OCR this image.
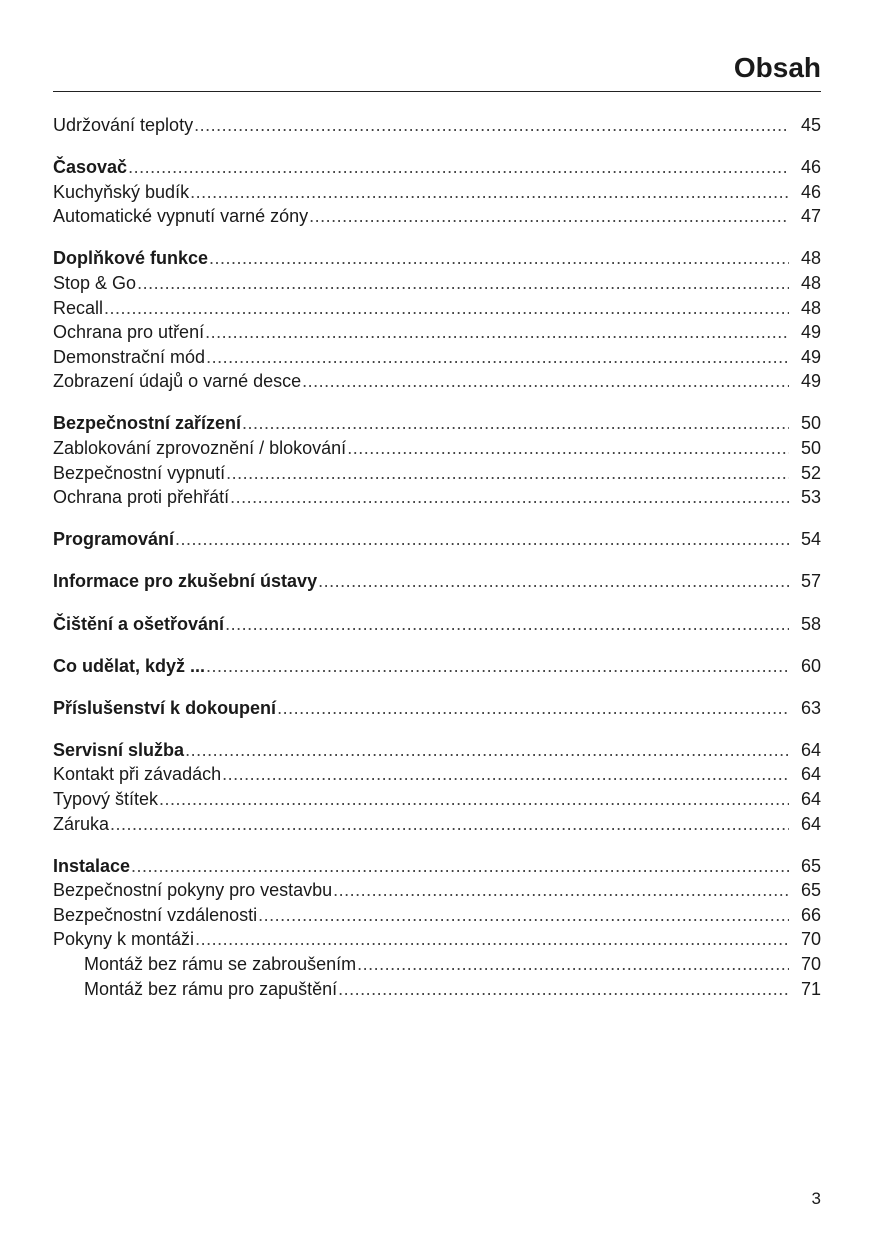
Obsah
Udržování teploty .....	45
Časovač .....	46
Kuchyňský budík .....	46
Automatické vypnutí varné zóny .....	47
Doplňkové funkce .....	48
Stop & Go .....	48
Recall .....	48
Ochrana pro utření .....	49
Demonstrační mód .....	49
Zobrazení údajů o varné desce .....	49
Bezpečnostní zařízení .....	50
Zablokování zprovoznění / blokování .....	50
Bezpečnostní vypnutí .....	52
Ochrana proti přehřátí .....	53
Programování .....	54
Informace pro zkušební ústavy .....	57
Čištění a ošetřování .....	58
Co udělat, když ... .....	60
Příslušenství k dokoupení .....	63
Servisní služba .....	64
Kontakt při závadách .....	64
Typový štítek .....	64
Záruka .....	64
Instalace .....	65
Bezpečnostní pokyny pro vestavbu .....	65
Bezpečnostní vzdálenosti .....	66
Pokyny k montáži .....	70
Montáž bez rámu se zabroušením .....	70
Montáž bez rámu pro zapuštění .....	71
3
